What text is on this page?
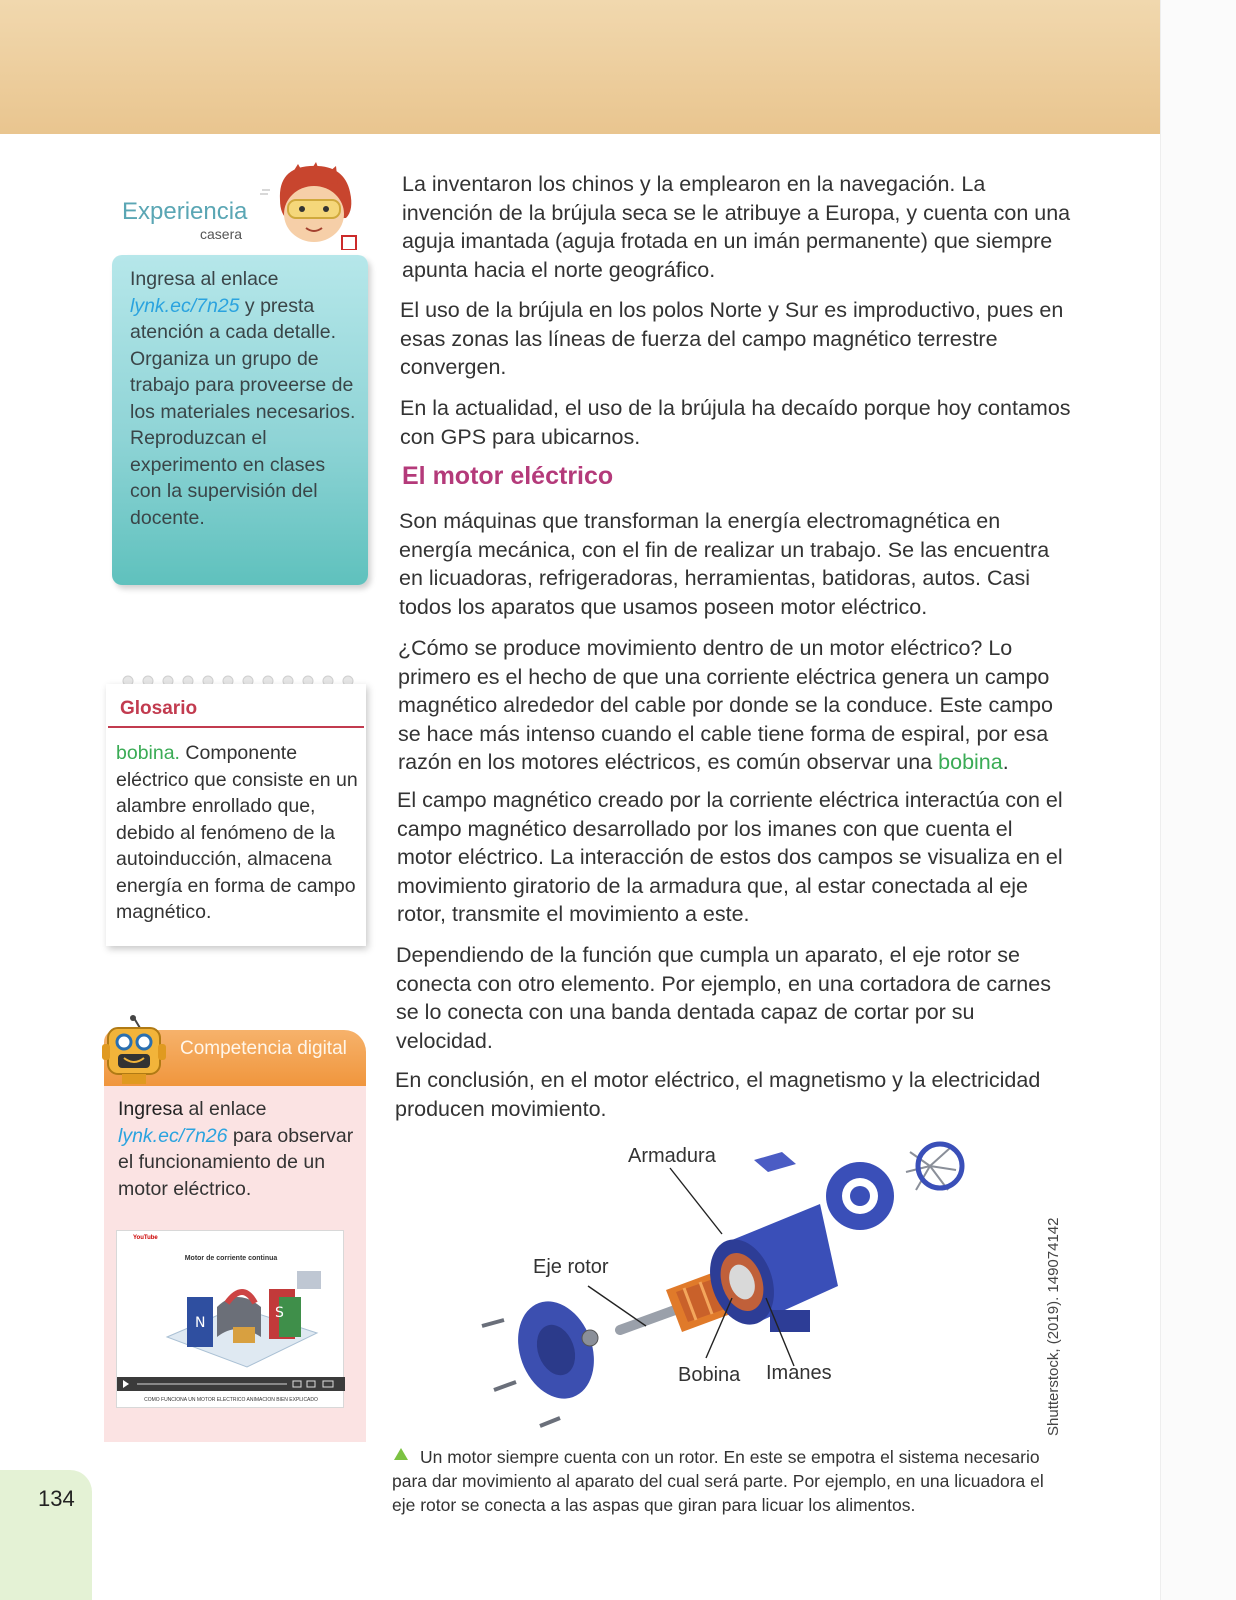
Experiencia
casera

Ingresa al enlace lynk.ec/7n25 y presta atención a cada detalle. Organiza un grupo de trabajo para proveerse de los materiales necesarios. Reproduzcan el experimento en clases con la supervisión del docente.

Glosario

bobina. Componente eléctrico que consiste en un alambre enrollado que, debido al fenómeno de la autoinducción, almacena energía en forma de campo magnético.

Competencia digital

Ingresa al enlace lynk.ec/7n26 para observar el funcionamiento de un motor eléctrico.

YouTube
Motor de corriente continua
N
S
COMO FUNCIONA UN MOTOR ELECTRICO ANIMACION BIEN EXPLICADO
134

La inventaron los chinos y la emplearon en la navegación. La invención de la brújula seca se le atribuye a Europa, y cuenta con una aguja imantada (aguja frotada en un imán permanente) que siempre apunta hacia el norte geográfico.

El uso de la brújula en los polos Norte y Sur es improductivo, pues en esas zonas las líneas de fuerza del campo magnético terrestre convergen.

En la actualidad, el uso de la brújula ha decaído porque hoy contamos con GPS para ubicarnos.

El motor eléctrico

Son máquinas que transforman la energía electromagnética en energía mecánica, con el fin de realizar un trabajo. Se las encuentra en licuadoras, refrigeradoras, herramientas, batidoras, autos. Casi todos los aparatos que usamos poseen motor eléctrico.

¿Cómo se produce movimiento dentro de un motor eléctrico? Lo primero es el hecho de que una corriente eléctrica genera un campo magnético alrededor del cable por donde se la conduce. Este campo se hace más intenso cuando el cable tiene forma de espiral, por esa razón en los motores eléctricos, es común observar una bobina.

El campo magnético creado por la corriente eléctrica interactúa con el campo magnético desarrollado por los imanes con que cuenta el motor eléctrico. La interacción de estos dos campos se visualiza en el movimiento giratorio de la armadura que, al estar conectada al eje rotor, transmite el movimiento a este.

Dependiendo de la función que cumpla un aparato, el eje rotor se conecta con otro elemento. Por ejemplo, en una cortadora de carnes se lo conecta con una banda dentada capaz de cortar por su velocidad.

En conclusión, en el motor eléctrico, el magnetismo y la electricidad producen movimiento.

Armadura
Eje rotor
Bobina Imanes	Shutterstock, (2019). 149074142

Un motor siempre cuenta con un rotor. En este se empotra el sistema necesario para dar movimiento al aparato del cual será parte. Por ejemplo, en una licuadora el eje rotor se conecta a las aspas que giran para licuar los alimentos.
